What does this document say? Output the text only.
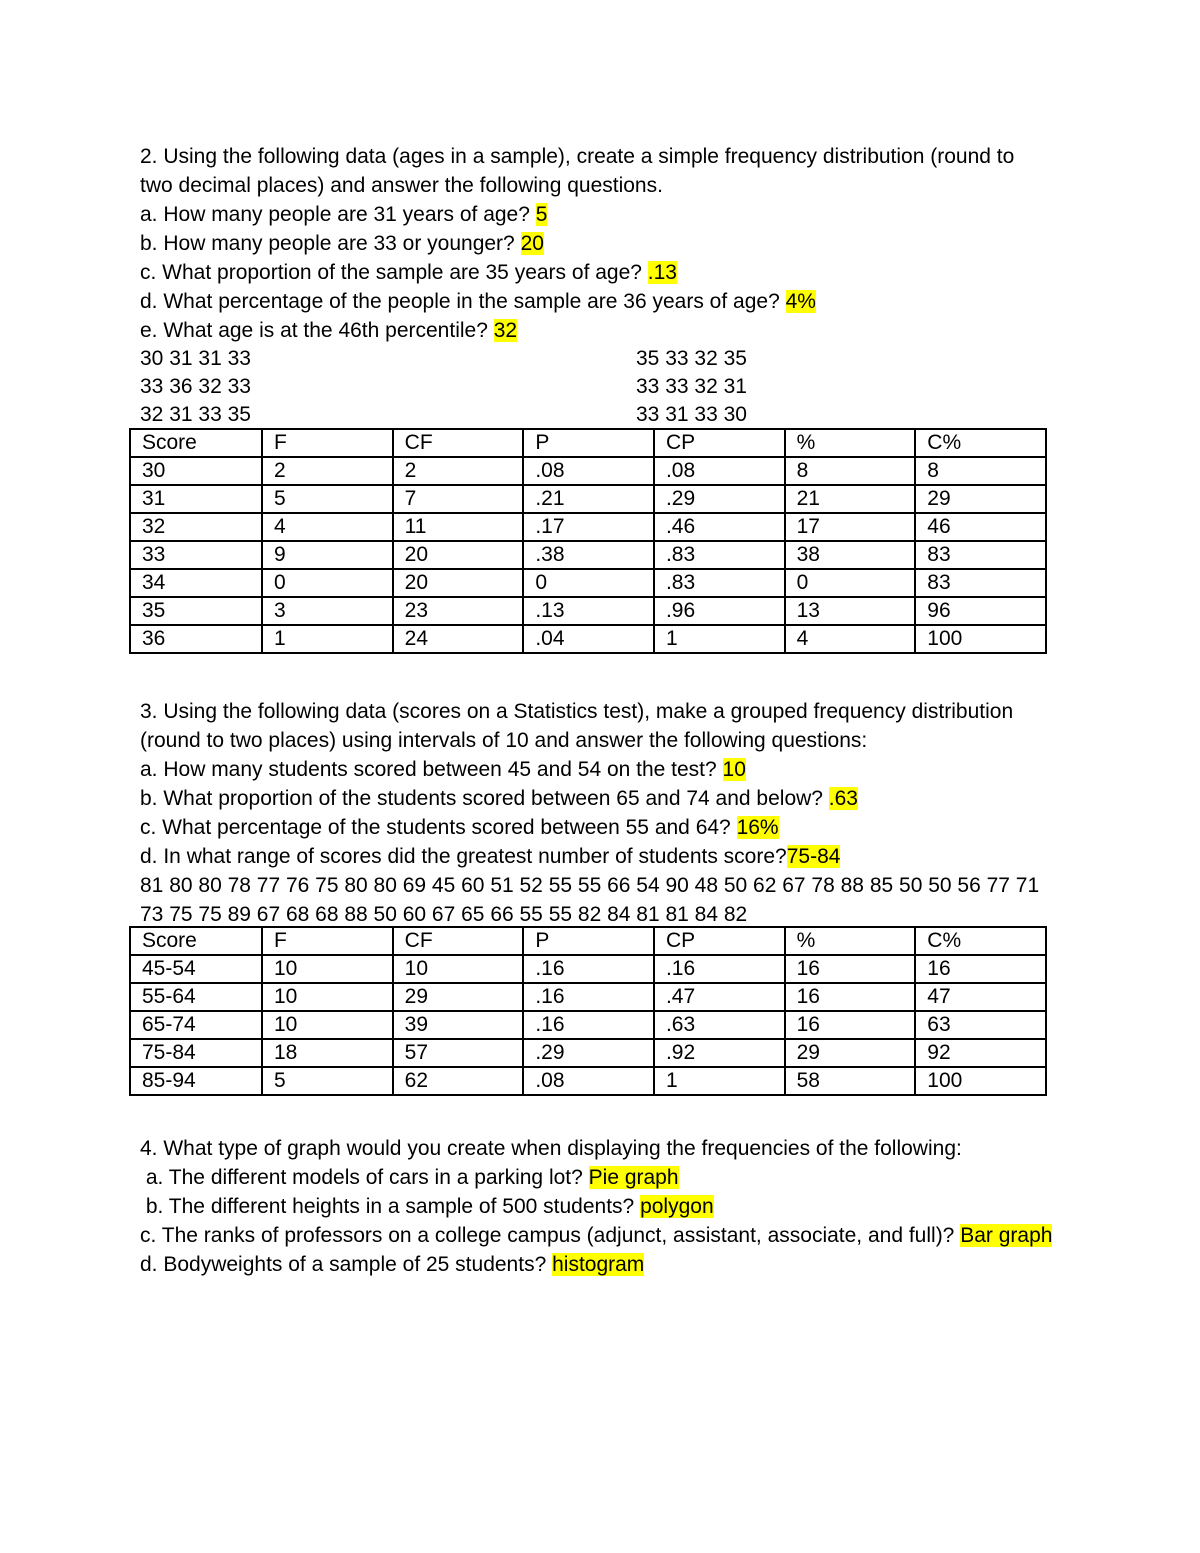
2. Using the following data (ages in a sample), create a simple frequency distribution (round to
two decimal places) and answer the following questions.
a. How many people are 31 years of age? 5
b. How many people are 33 or younger? 20
c. What proportion of the sample are 35 years of age? .13
d. What percentage of the people in the sample are 36 years of age? 4%
e. What age is at the 46th percentile? 32
30 31 31 33	35 33 32 35
33 36 32 33	33 33 32 31
32 31 33 35	33 31 33 30
Score	F	CF	P	CP	%	C%
30	2	2	.08	.08	8	8
31	5	7	.21	.29	21	29
32	4	11	.17	.46	17	46
33	9	20	.38	.83	38	83
34	0	20	0	.83	0	83
35	3	23	.13	.96	13	96
36	1	24	.04	1	4	100
3. Using the following data (scores on a Statistics test), make a grouped frequency distribution
(round to two places) using intervals of 10 and answer the following questions:
a. How many students scored between 45 and 54 on the test? 10
b. What proportion of the students scored between 65 and 74 and below? .63
c. What percentage of the students scored between 55 and 64? 16%
d. In what range of scores did the greatest number of students score?75-84
81 80 80 78 77 76 75 80 80 69 45 60 51 52 55 55 66 54 90 48 50 62 67 78 88 85 50 50 56 77 71
73 75 75 89 67 68 68 88 50 60 67 65 66 55 55 82 84 81 81 84 82
Score	F	CF	P	CP	%	C%
45-54	10	10	.16	.16	16	16
55-64	10	29	.16	.47	16	47
65-74	10	39	.16	.63	16	63
75-84	18	57	.29	.92	29	92
85-94	5	62	.08	1	58	100
4. What type of graph would you create when displaying the frequencies of the following:
a. The different models of cars in a parking lot? Pie graph
b. The different heights in a sample of 500 students? polygon
c. The ranks of professors on a college campus (adjunct, assistant, associate, and full)? Bar graph
d. Bodyweights of a sample of 25 students? histogram
